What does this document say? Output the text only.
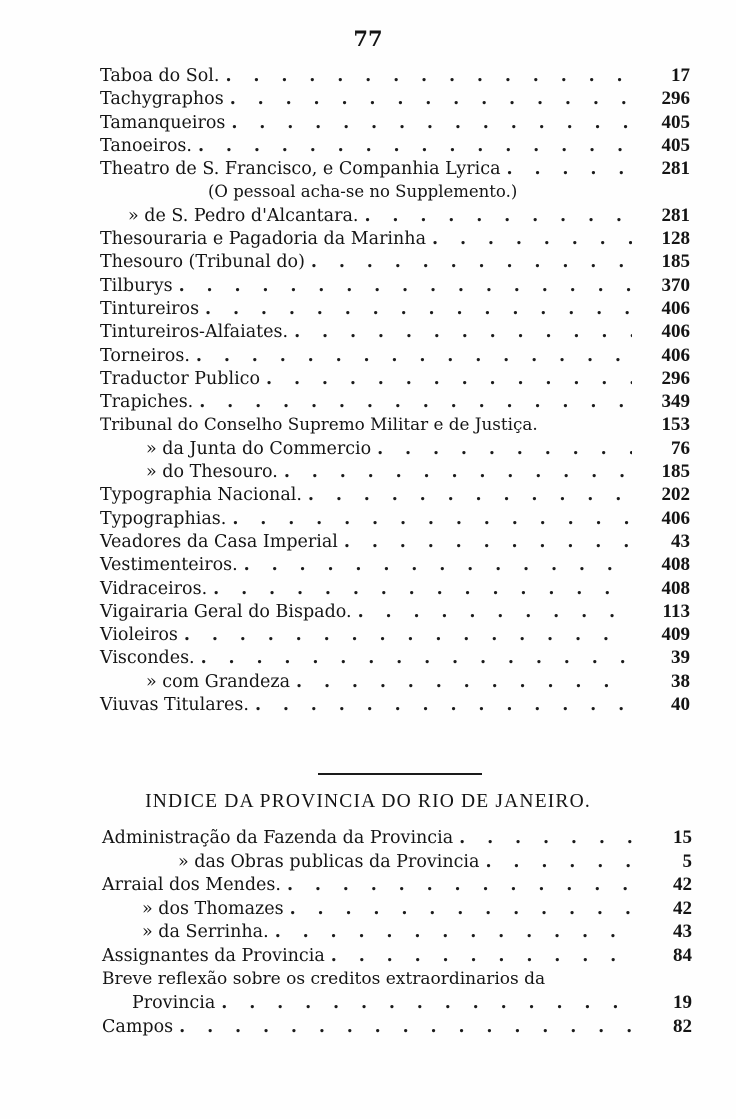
77
Taboa do Sol. . . .	17
Tachygraphos . . .	296
Tamanqueiros . . .	405
Tanoeiros. . . .	405
Theatro de S. Francisco, e Companhia Lyrica . . .	281
(O pessoal acha-se no Supplemento.)
» de S. Pedro d'Alcantara. . . .	281
Thesouraria e Pagadoria da Marinha . . .	128
Thesouro (Tribunal do) . . .	185
Tilburys . . .	370
Tintureiros . . .	406
Tintureiros-Alfaiates. . . .	406
Torneiros. . . .	406
Traductor Publico . . .	296
Trapiches. . . .	349
Tribunal do Conselho Supremo Militar e de Justiça.	153
» da Junta do Commercio . . .	76
» do Thesouro. . . .	185
Typographia Nacional. . . .	202
Typographias. . . .	406
Veadores da Casa Imperial . . .	43
Vestimenteiros. . . .	408
Vidraceiros. . . .	408
Vigairaria Geral do Bispado. . . .	113
Violeiros . . .	409
Viscondes. . . .	39
» com Grandeza . . .	38
Viuvas Titulares. . . .	40
INDICE DA PROVINCIA DO RIO DE JANEIRO.
Administração da Fazenda da Provincia . . .	15
» das Obras publicas da Provincia . . .	5
Arraial dos Mendes. . . .	42
» dos Thomazes . . .	42
» da Serrinha. . . .	43
Assignantes da Provincia . . .	84
Breve reflexão sobre os creditos extraordinarios da
Provincia . . .	19
Campos . . .	82
